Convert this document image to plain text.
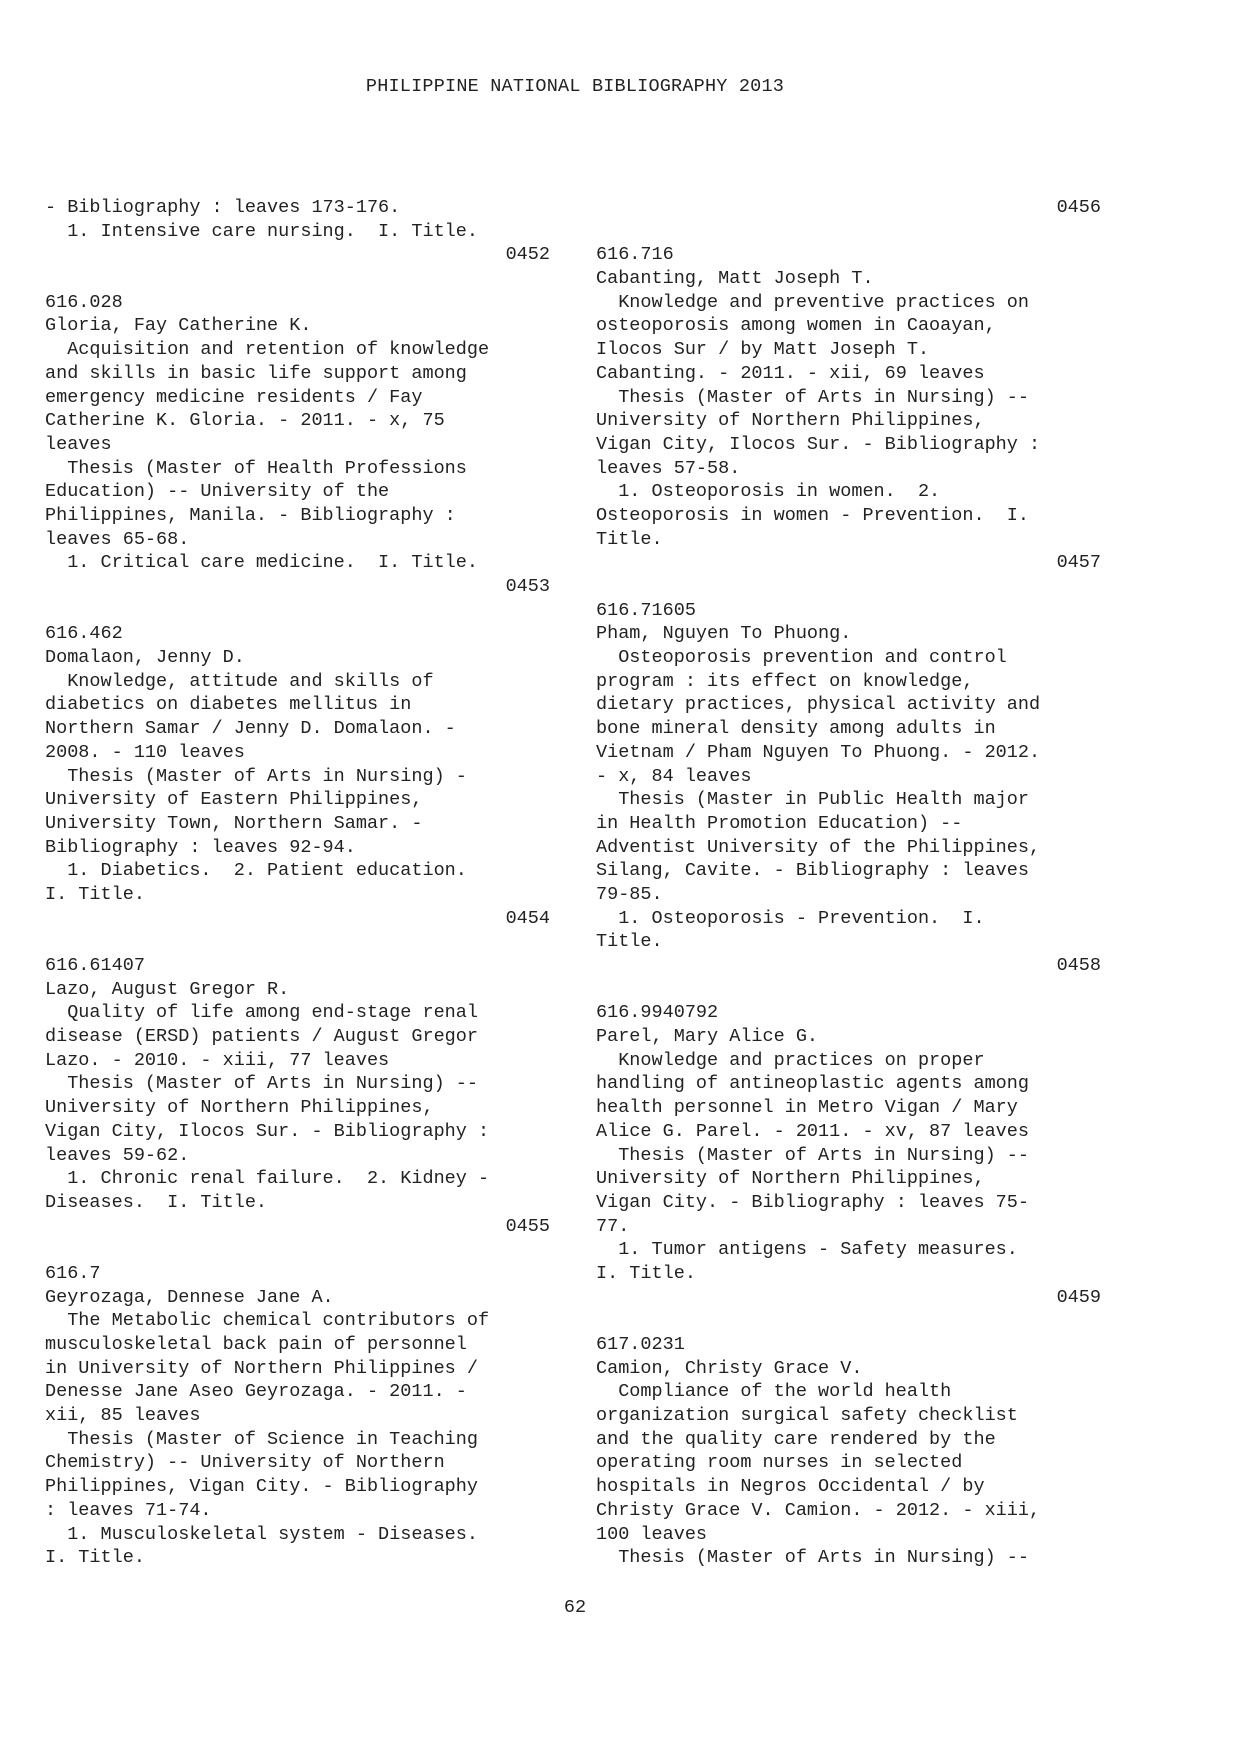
PHILIPPINE NATIONAL BIBLIOGRAPHY 2013
- Bibliography : leaves 173-176.
1. Intensive care nursing.  I. Title.
0452
616.028
Gloria, Fay Catherine K.
Acquisition and retention of knowledge
and skills in basic life support among
emergency medicine residents / Fay
Catherine K. Gloria. - 2011. - x, 75
leaves
Thesis (Master of Health Professions
Education) -- University of the
Philippines, Manila. - Bibliography :
leaves 65-68.
1. Critical care medicine.  I. Title.
0453
616.462
Domalaon, Jenny D.
Knowledge, attitude and skills of
diabetics on diabetes mellitus in
Northern Samar / Jenny D. Domalaon. -
2008. - 110 leaves
Thesis (Master of Arts in Nursing) -
University of Eastern Philippines,
University Town, Northern Samar. -
Bibliography : leaves 92-94.
1. Diabetics.  2. Patient education.
I. Title.
0454
616.61407
Lazo, August Gregor R.
Quality of life among end-stage renal
disease (ERSD) patients / August Gregor
Lazo. - 2010. - xiii, 77 leaves
Thesis (Master of Arts in Nursing) --
University of Northern Philippines,
Vigan City, Ilocos Sur. - Bibliography :
leaves 59-62.
1. Chronic renal failure.  2. Kidney -
Diseases.  I. Title.
0455
616.7
Geyrozaga, Dennese Jane A.
The Metabolic chemical contributors of
musculoskeletal back pain of personnel
in University of Northern Philippines /
Denesse Jane Aseo Geyrozaga. - 2011. -
xii, 85 leaves
Thesis (Master of Science in Teaching
Chemistry) -- University of Northern
Philippines, Vigan City. - Bibliography
: leaves 71-74.
1. Musculoskeletal system - Diseases.
I. Title.
0456
616.716
Cabanting, Matt Joseph T.
Knowledge and preventive practices on
osteoporosis among women in Caoayan,
Ilocos Sur / by Matt Joseph T.
Cabanting. - 2011. - xii, 69 leaves
Thesis (Master of Arts in Nursing) --
University of Northern Philippines,
Vigan City, Ilocos Sur. - Bibliography :
leaves 57-58.
1. Osteoporosis in women.  2.
Osteoporosis in women - Prevention.  I.
Title.
0457
616.71605
Pham, Nguyen To Phuong.
Osteoporosis prevention and control
program : its effect on knowledge,
dietary practices, physical activity and
bone mineral density among adults in
Vietnam / Pham Nguyen To Phuong. - 2012.
- x, 84 leaves
Thesis (Master in Public Health major
in Health Promotion Education) --
Adventist University of the Philippines,
Silang, Cavite. - Bibliography : leaves
79-85.
1. Osteoporosis - Prevention.  I.
Title.
0458
616.9940792
Parel, Mary Alice G.
Knowledge and practices on proper
handling of antineoplastic agents among
health personnel in Metro Vigan / Mary
Alice G. Parel. - 2011. - xv, 87 leaves
Thesis (Master of Arts in Nursing) --
University of Northern Philippines,
Vigan City. - Bibliography : leaves 75-
77.
1. Tumor antigens - Safety measures.
I. Title.
0459
617.0231
Camion, Christy Grace V.
Compliance of the world health
organization surgical safety checklist
and the quality care rendered by the
operating room nurses in selected
hospitals in Negros Occidental / by
Christy Grace V. Camion. - 2012. - xiii,
100 leaves
Thesis (Master of Arts in Nursing) --
62
